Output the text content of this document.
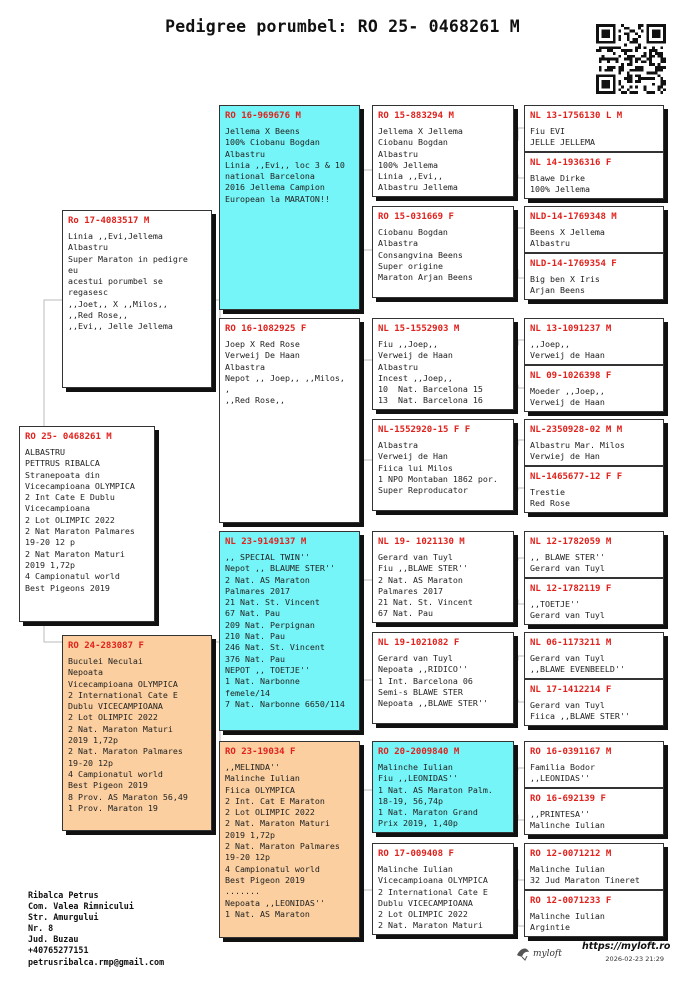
Pedigree porumbel: RO 25- 0468261 M
RO 25- 0468261 M
ALBASTRU
PETTRUS RIBALCA
Stranepoata din
Vicecampioana OLYMPICA
2 Int Cate E Dublu
Vicecampioana
2 Lot OLIMPIC 2022
2 Nat Maraton Palmares
19-20 12 p
2 Nat Maraton Maturi
2019 1,72p
4 Campionatul world
Best Pigeons 2019
Ro 17-4083517 M
Linia ,,Evi,Jellema
Albastru
Super Maraton in pedigre
eu
acestui porumbel se
regasesc
,,Joet,, X ,,Milos,,
,,Red Rose,,
,,Evi,, Jelle Jellema
RO 24-283087 F
Buculei Neculai
Nepoata
Vicecampioana OLYMPICA
2 International Cate E
Dublu VICECAMPIOANA
2 Lot OLIMPIC 2022
2 Nat. Maraton Maturi
2019 1,72p
2 Nat. Maraton Palmares
19-20 12p
4 Campionatul world
Best Pigeon 2019
8 Prov. AS Maraton 56,49
1 Prov. Maraton 19
RO 16-969676 M
Jellema X Beens
100% Ciobanu Bogdan
Albastru
Linia ,,Evi,, loc 3 & 10
national Barcelona
2016 Jellema Campion
European la MARATON!!
RO 16-1082925 F
Joep X Red Rose
Verweij De Haan
Albastra
Nepot ,, Joep,, ,,Milos,
,
,,Red Rose,,
NL 23-9149137 M
,, SPECIAL TWIN''
Nepot ,, BLAUME STER''
2 Nat. AS Maraton
Palmares 2017
21 Nat. St. Vincent
67 Nat. Pau
209 Nat. Perpignan
210 Nat. Pau
246 Nat. St. Vincent
376 Nat. Pau
NEPOT ,, TOETJE''
1 Nat. Narbonne
femele/14
7 Nat. Narbonne 6650/114
RO 23-19034 F
,,MELINDA''
Malinche Iulian
Fiica OLYMPICA
2 Int. Cat E Maraton
2 Lot OLIMPIC 2022
2 Nat. Maraton Maturi
2019 1,72p
2 Nat. Maraton Palmares
19-20 12p
4 Campionatul world
Best Pigeon 2019
.......
Nepoata ,,LEONIDAS''
1 Nat. AS Maraton
RO 15-883294 M
Jellema X Jellema
Ciobanu Bogdan
Albastru
100% Jellema
Linia ,,Evi,,
Albastru Jellema
RO 15-031669 F
Ciobanu Bogdan
Albastra
Consangvina Beens
Super origine
Maraton Arjan Beens
NL 15-1552903 M
Fiu ,,Joep,,
Verweij de Haan
Albastru
Incest ,,Joep,,
10  Nat. Barcelona 15
13  Nat. Barcelona 16
NL-1552920-15 F F
Albastra
Verweij de Han
Fiica lui Milos
1 NPO Montaban 1862 por.
Super Reproducator
NL 19- 1021130 M
Gerard van Tuyl
Fiu ,,BLAWE STER''
2 Nat. AS Maraton
Palmares 2017
21 Nat. St. Vincent
67 Nat. Pau
NL 19-1021082 F
Gerard van Tuyl
Nepoata ,,RIDICO''
1 Int. Barcelona 06
Semi-s BLAWE STER
Nepoata ,,BLAWE STER''
RO 20-2009840 M
Malinche Iulian
Fiu ,,LEONIDAS''
1 Nat. AS Maraton Palm.
18-19, 56,74p
1 Nat. Maraton Grand
Prix 2019, 1,40p
RO 17-009408 F
Malinche Iulian
Vicecampioana OLYMPICA
2 International Cate E
Dublu VICECAMPIOANA
2 Lot OLIMPIC 2022
2 Nat. Maraton Maturi
NL 13-1756130 L M
Fiu EVI
JELLE JELLEMA
NL 14-1936316 F
Blawe Dirke
100% Jellema
NLD-14-1769348 M
Beens X Jellema
Albastru
NLD-14-1769354 F
Big ben X Iris
Arjan Beens
NL 13-1091237 M
,,Joep,,
Verweij de Haan
NL 09-1026398 F
Moeder ,,Joep,,
Verweij de Haan
NL-2350928-02 M M
Albastru Mar. Milos
Verwiej de Han
NL-1465677-12 F F
Trestie
Red Rose
NL 12-1782059 M
,, BLAWE STER''
Gerard van Tuyl
NL 12-1782119 F
,,TOETJE''
Gerard van Tuyl
NL 06-1173211 M
Gerard van Tuyl
,,BLAWE EVENBEELD''
NL 17-1412214 F
Gerard van Tuyl
Fiica ,,BLAWE STER''
RO 16-0391167 M
Familia Bodor
,,LEONIDAS''
RO 16-692139 F
,,PRINTESA''
Malinche Iulian
RO 12-0071212 M
Malinche Iulian
32 Jud Maraton Tineret
RO 12-0071233 F
Malinche Iulian
Argintie
Ribalca Petrus
Com. Valea Rimnicului
Str. Amurgului
Nr. 8
Jud. Buzau
+40765277151
petrusribalca.rmp@gmail.com
myloft
https://myloft.ro
2026-02-23 21:29
